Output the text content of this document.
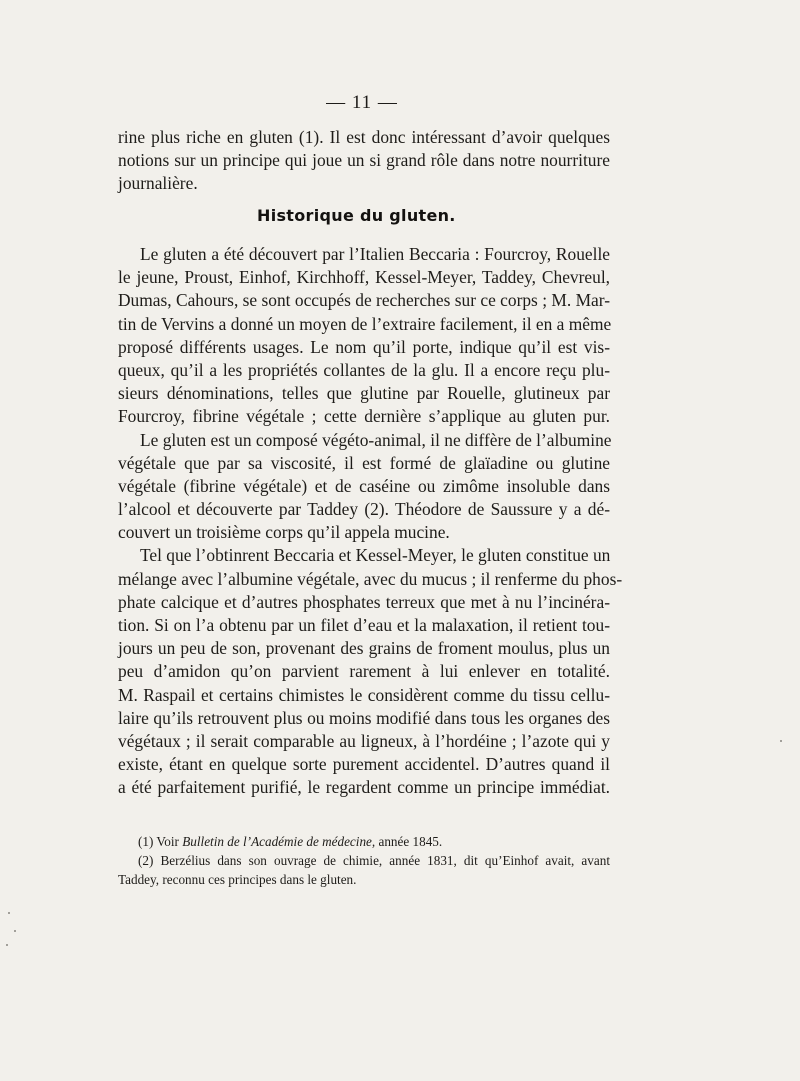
— 11 —
rine plus riche en gluten (1). Il est donc intéressant d’avoir quelques
notions sur un principe qui joue un si grand rôle dans notre nourriture
journalière.
Historique du gluten.
Le gluten a été découvert par l’Italien Beccaria : Fourcroy, Rouelle
le jeune, Proust, Einhof, Kirchhoff, Kessel-Meyer, Taddey, Chevreul,
Dumas, Cahours, se sont occupés de recherches sur ce corps ; M. Mar-
tin de Vervins a donné un moyen de l’extraire facilement, il en a même
proposé différents usages. Le nom qu’il porte, indique qu’il est vis-
queux, qu’il a les propriétés collantes de la glu. Il a encore reçu plu-
sieurs dénominations, telles que glutine par Rouelle, glutineux par
Fourcroy, fibrine végétale ; cette dernière s’applique au gluten pur.
Le gluten est un composé végéto-animal, il ne diffère de l’albumine
végétale que par sa viscosité, il est formé de glaïadine ou glutine
végétale (fibrine végétale) et de caséine ou zimôme insoluble dans
l’alcool et découverte par Taddey (2). Théodore de Saussure y a dé-
couvert un troisième corps qu’il appela mucine.
Tel que l’obtinrent Beccaria et Kessel-Meyer, le gluten constitue un
mélange avec l’albumine végétale, avec du mucus ; il renferme du phos-
phate calcique et d’autres phosphates terreux que met à nu l’incinéra-
tion. Si on l’a obtenu par un filet d’eau et la malaxation, il retient tou-
jours un peu de son, provenant des grains de froment moulus, plus un
peu d’amidon qu’on parvient rarement à lui enlever en totalité.
M. Raspail et certains chimistes le considèrent comme du tissu cellu-
laire qu’ils retrouvent plus ou moins modifié dans tous les organes des
végétaux ; il serait comparable au ligneux, à l’hordéine ; l’azote qui y
existe, étant en quelque sorte purement accidentel. D’autres quand il
a été parfaitement purifié, le regardent comme un principe immédiat.
(1) Voir Bulletin de l’Académie de médecine, année 1845.
(2) Berzélius dans son ouvrage de chimie, année 1831, dit qu’Einhof avait, avant
Taddey, reconnu ces principes dans le gluten.
